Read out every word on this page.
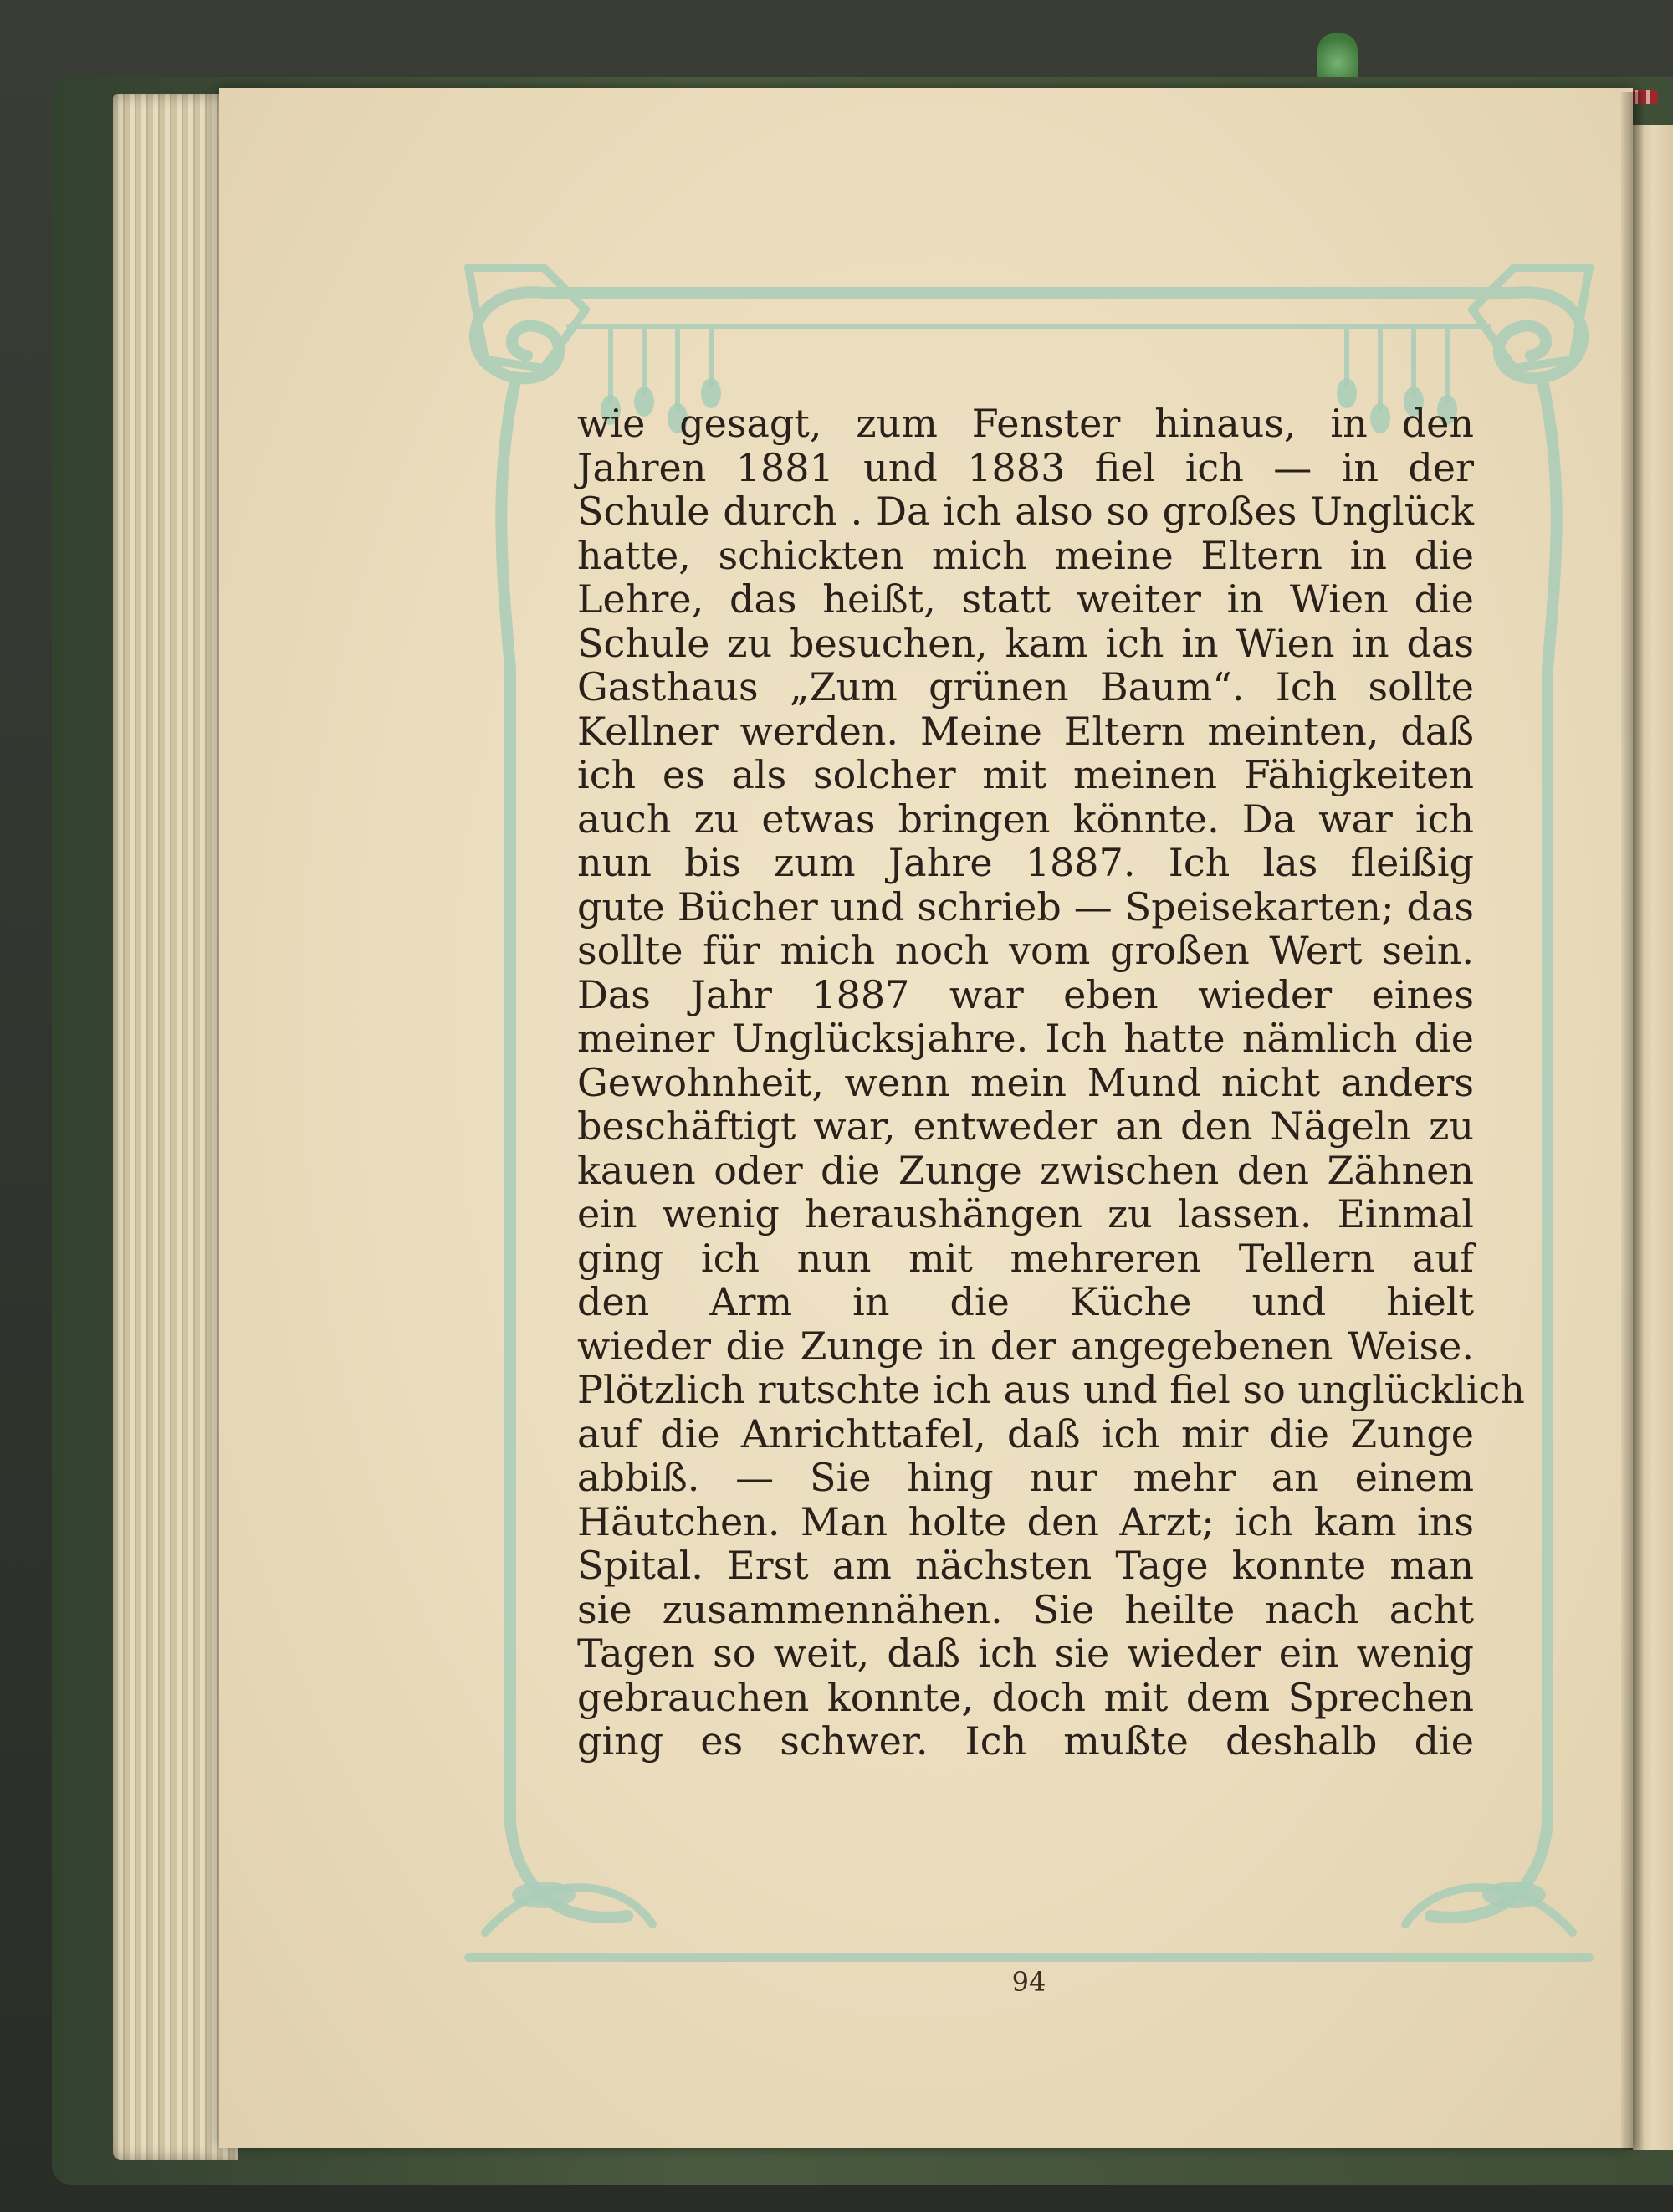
wie gesagt, zum Fenster hinaus, in den
Jahren 1881 und 1883 fiel ich — in der
Schule durch . Da ich also so großes Unglück
hatte, schickten mich meine Eltern in die
Lehre, das heißt, statt weiter in Wien die
Schule zu besuchen, kam ich in Wien in das
Gasthaus „Zum grünen Baum“. Ich sollte
Kellner werden. Meine Eltern meinten, daß
ich es als solcher mit meinen Fähigkeiten
auch zu etwas bringen könnte. Da war ich
nun bis zum Jahre 1887. Ich las fleißig
gute Bücher und schrieb — Speisekarten; das
sollte für mich noch vom großen Wert sein.
Das Jahr 1887 war eben wieder eines
meiner Unglücksjahre. Ich hatte nämlich die
Gewohnheit, wenn mein Mund nicht anders
beschäftigt war, entweder an den Nägeln zu
kauen oder die Zunge zwischen den Zähnen
ein wenig heraushängen zu lassen. Einmal
ging ich nun mit mehreren Tellern auf
den Arm in die Küche und hielt
wieder die Zunge in der angegebenen Weise.
Plötzlich rutschte ich aus und fiel so unglücklich
auf die Anrichttafel, daß ich mir die Zunge
abbiß. — Sie hing nur mehr an einem
Häutchen. Man holte den Arzt; ich kam ins
Spital. Erst am nächsten Tage konnte man
sie zusammennähen. Sie heilte nach acht
Tagen so weit, daß ich sie wieder ein wenig
gebrauchen konnte, doch mit dem Sprechen
ging es schwer. Ich mußte deshalb die
94
